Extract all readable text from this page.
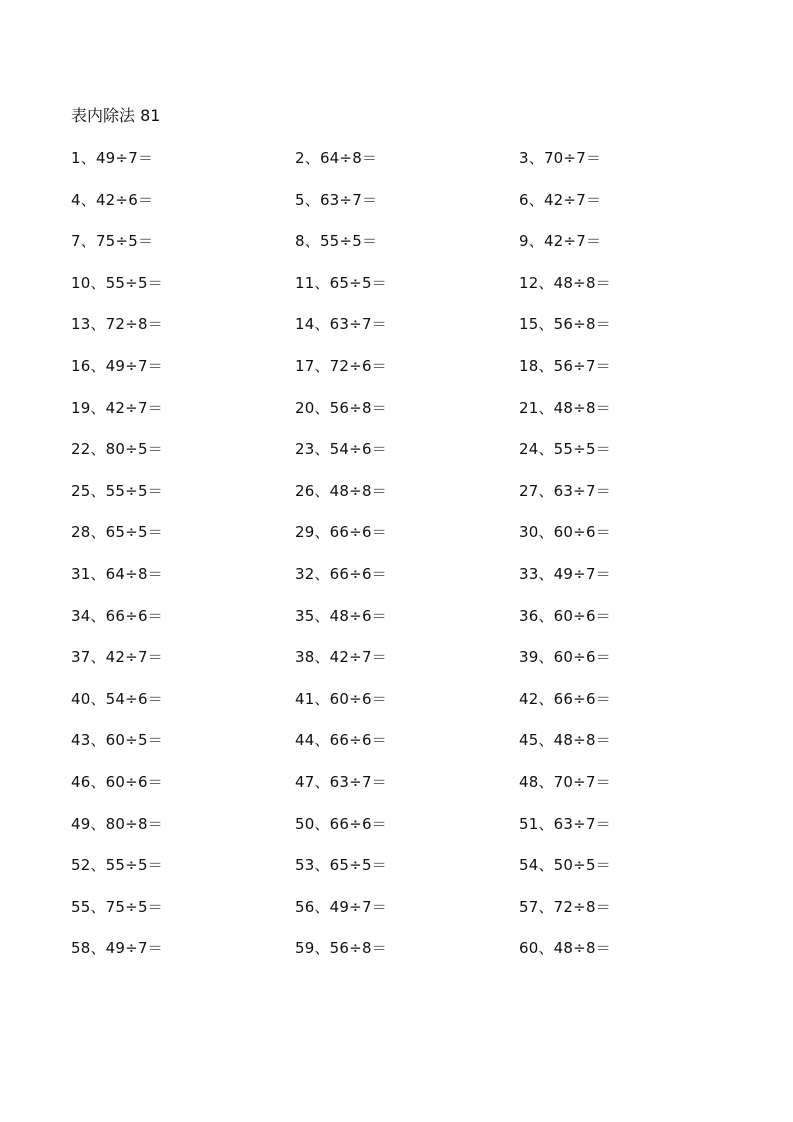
表内除法 81
1、49÷7＝	2、64÷8＝	3、70÷7＝
4、42÷6＝	5、63÷7＝	6、42÷7＝
7、75÷5＝	8、55÷5＝	9、42÷7＝
10、55÷5＝	11、65÷5＝	12、48÷8＝
13、72÷8＝	14、63÷7＝	15、56÷8＝
16、49÷7＝	17、72÷6＝	18、56÷7＝
19、42÷7＝	20、56÷8＝	21、48÷8＝
22、80÷5＝	23、54÷6＝	24、55÷5＝
25、55÷5＝	26、48÷8＝	27、63÷7＝
28、65÷5＝	29、66÷6＝	30、60÷6＝
31、64÷8＝	32、66÷6＝	33、49÷7＝
34、66÷6＝	35、48÷6＝	36、60÷6＝
37、42÷7＝	38、42÷7＝	39、60÷6＝
40、54÷6＝	41、60÷6＝	42、66÷6＝
43、60÷5＝	44、66÷6＝	45、48÷8＝
46、60÷6＝	47、63÷7＝	48、70÷7＝
49、80÷8＝	50、66÷6＝	51、63÷7＝
52、55÷5＝	53、65÷5＝	54、50÷5＝
55、75÷5＝	56、49÷7＝	57、72÷8＝
58、49÷7＝	59、56÷8＝	60、48÷8＝
